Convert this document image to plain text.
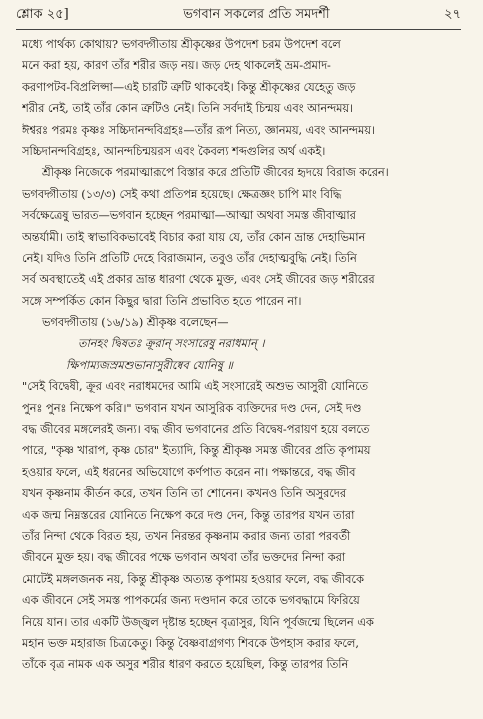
শ্লোক ২৫]	ভগবান সকলের প্রতি সমদর্শী	২৭
মধ্যে পার্থক্য কোথায়? ভগবদ্গীতায় শ্রীকৃষ্ণের উপদেশ চরম উপদেশ বলে
মনে করা হয়, কারণ তাঁর শরীর জড় নয়। জড় দেহ থাকলেই ভ্রম-প্রমাদ-
করণাপটব-বিপ্রলিপ্সা—এই চারটি ত্রুটি থাকবেই। কিন্তু শ্রীকৃষ্ণের যেহেতু জড়
শরীর নেই, তাই তাঁর কোন ত্রুটিও নেই। তিনি সর্বদাই চিন্ময় এবং আনন্দময়।
ঈশ্বরঃ পরমঃ কৃষ্ণঃ সচ্চিদানন্দবিগ্রহঃ—তাঁর রূপ নিত্য, জ্ঞানময়, এবং আনন্দময়।
সচ্চিদানন্দবিগ্রহঃ, আনন্দচিন্ময়রস এবং কৈবল্য শব্দগুলির অর্থ একই।
শ্রীকৃষ্ণ নিজেকে পরমাত্মারূপে বিস্তার করে প্রতিটি জীবের হৃদয়ে বিরাজ করেন।
ভগবদ্গীতায় (১৩/৩) সেই কথা প্রতিপন্ন হয়েছে। ক্ষেত্রজ্ঞং চাপি মাং বিদ্ধি
সর্বক্ষেত্রেষু ভারত—ভগবান হচ্ছেন পরমাত্মা—আত্মা অথবা সমস্ত জীবাত্মার
অন্তর্যামী। তাই স্বাভাবিকভাবেই বিচার করা যায় যে, তাঁর কোন ভ্রান্ত দেহাভিমান
নেই। যদিও তিনি প্রতিটি দেহে বিরাজমান, তবুও তাঁর দেহাত্মবুদ্ধি নেই। তিনি
সর্ব অবস্থাতেই এই প্রকার ভ্রান্ত ধারণা থেকে মুক্ত, এবং সেই জীবের জড় শরীরের
সঙ্গে সম্পর্কিত কোন কিছুর দ্বারা তিনি প্রভাবিত হতে পারেন না।
ভগবদ্গীতায় (১৬/১৯) শ্রীকৃষ্ণ বলেছেন—
তানহং দ্বিষতঃ ক্রূরান্ সংসারেষু নরাধমান্ ।
ক্ষিপাম্যজস্রমশুভানাসুরীষ্বেব যোনিষু ॥
"সেই বিদ্বেষী, ক্রূর এবং নরাধমদের আমি এই সংসারেই অশুভ আসুরী যোনিতে
পুনঃ পুনঃ নিক্ষেপ করি।" ভগবান যখন আসুরিক ব্যক্তিদের দণ্ড দেন, সেই দণ্ড
বদ্ধ জীবের মঙ্গলেরই জন্য। বদ্ধ জীব ভগবানের প্রতি বিদ্বেষ-পরায়ণ হয়ে বলতে
পারে, "কৃষ্ণ খারাপ, কৃষ্ণ চোর" ইত্যাদি, কিন্তু শ্রীকৃষ্ণ সমস্ত জীবের প্রতি কৃপাময়
হওয়ার ফলে, এই ধরনের অভিযোগে কর্ণপাত করেন না। পক্ষান্তরে, বদ্ধ জীব
যখন কৃষ্ণনাম কীর্তন করে, তখন তিনি তা শোনেন। কখনও তিনি অসুরদের
এক জন্ম নিম্নস্তরের যোনিতে নিক্ষেপ করে দণ্ড দেন, কিন্তু তারপর যখন তারা
তাঁর নিন্দা থেকে বিরত হয়, তখন নিরন্তর কৃষ্ণনাম করার জন্য তারা পরবর্তী
জীবনে মুক্ত হয়। বদ্ধ জীবের পক্ষে ভগবান অথবা তাঁর ভক্তদের নিন্দা করা
মোটেই মঙ্গলজনক নয়, কিন্তু শ্রীকৃষ্ণ অত্যন্ত কৃপাময় হওয়ার ফলে, বদ্ধ জীবকে
এক জীবনে সেই সমস্ত পাপকর্মের জন্য দণ্ডদান করে তাকে ভগবদ্ধামে ফিরিয়ে
নিয়ে যান। তার একটি উজ্জ্বল দৃষ্টান্ত হচ্ছেন বৃত্রাসুর, যিনি পূর্বজন্মে ছিলেন এক
মহান ভক্ত মহারাজ চিত্রকেতু। কিন্তু বৈষ্ণবাগ্রগণ্য শিবকে উপহাস করার ফলে,
তাঁকে বৃত্র নামক এক অসুর শরীর ধারণ করতে হয়েছিল, কিন্তু তারপর তিনি
